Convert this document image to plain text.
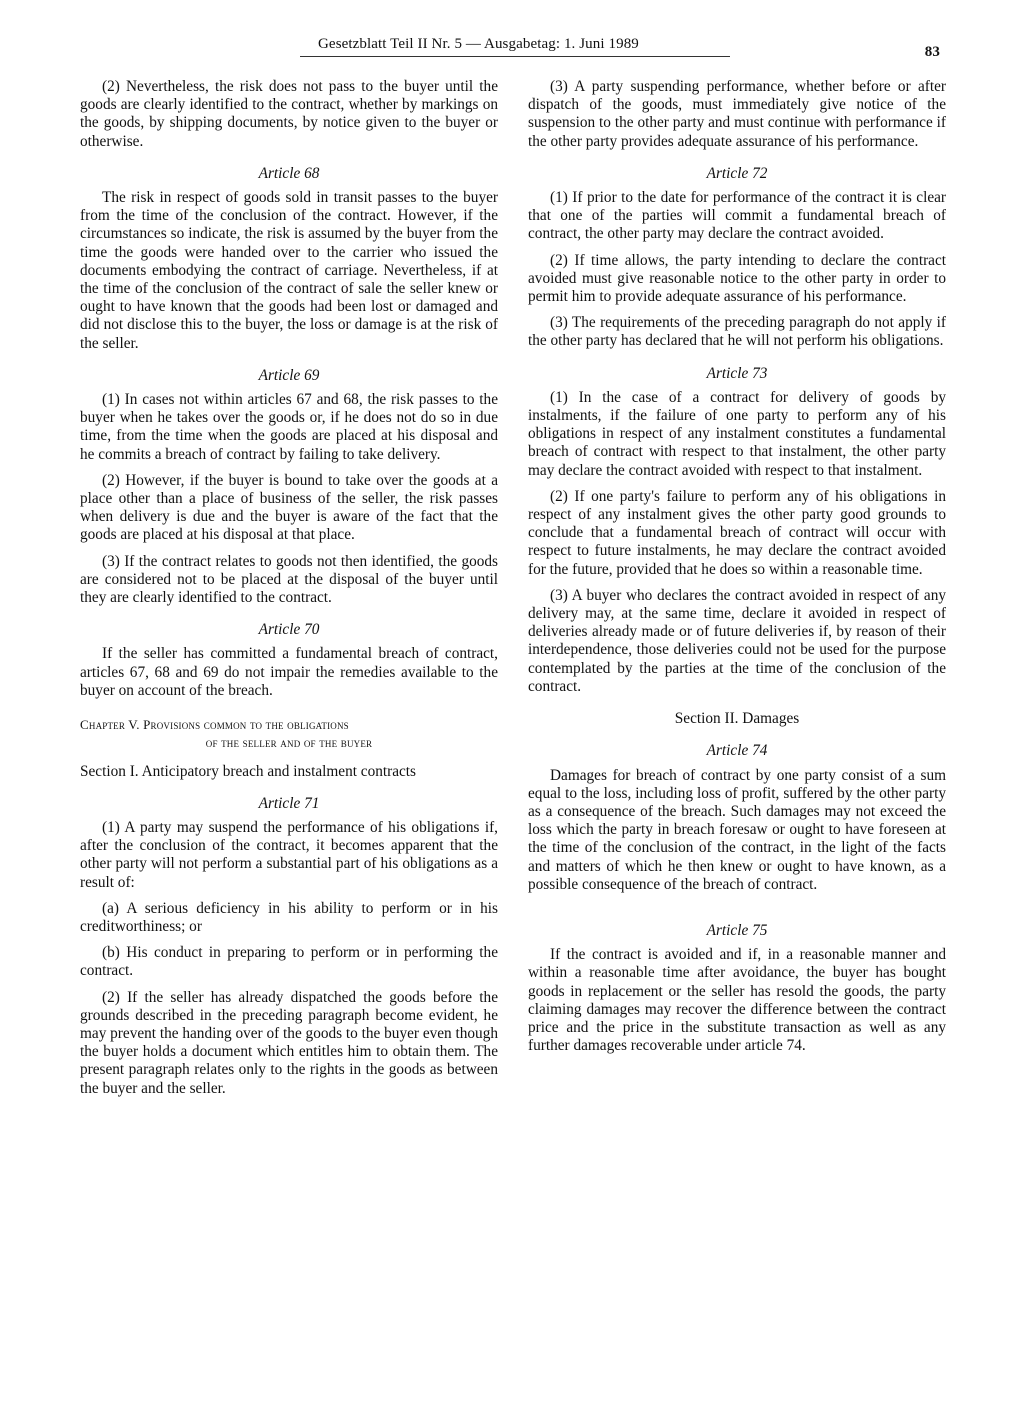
Gesetzblatt Teil II Nr. 5 — Ausgabetag: 1. Juni 1989	83

(2) Nevertheless, the risk does not pass to the buyer until the goods are clearly identified to the contract, whether by markings on the goods, by shipping documents, by notice given to the buyer or otherwise.

Article 68

The risk in respect of goods sold in transit passes to the buyer from the time of the conclusion of the contract. However, if the circumstances so indicate, the risk is assumed by the buyer from the time the goods were handed over to the carrier who issued the documents embodying the contract of carriage. Nevertheless, if at the time of the conclusion of the contract of sale the seller knew or ought to have known that the goods had been lost or damaged and did not disclose this to the buyer, the loss or damage is at the risk of the seller.

Article 69

(1) In cases not within articles 67 and 68, the risk passes to the buyer when he takes over the goods or, if he does not do so in due time, from the time when the goods are placed at his disposal and he commits a breach of contract by failing to take delivery.

(2) However, if the buyer is bound to take over the goods at a place other than a place of business of the seller, the risk passes when delivery is due and the buyer is aware of the fact that the goods are placed at his disposal at that place.

(3) If the contract relates to goods not then identified, the goods are considered not to be placed at the disposal of the buyer until they are clearly identified to the contract.

Article 70

If the seller has committed a fundamental breach of contract, articles 67, 68 and 69 do not impair the remedies available to the buyer on account of the breach.

Chapter V. Provisions common to the obligations
of the seller and of the buyer
Section I. Anticipatory breach and instalment contracts
Article 71

(1) A party may suspend the performance of his obligations if, after the conclusion of the contract, it becomes apparent that the other party will not perform a substantial part of his obligations as a result of:

(a) A serious deficiency in his ability to perform or in his creditworthiness; or

(b) His conduct in preparing to perform or in performing the contract.

(2) If the seller has already dispatched the goods before the grounds described in the preceding paragraph become evident, he may prevent the handing over of the goods to the buyer even though the buyer holds a document which entitles him to obtain them. The present paragraph relates only to the rights in the goods as between the buyer and the seller.

(3) A party suspending performance, whether before or after dispatch of the goods, must immediately give notice of the suspension to the other party and must continue with performance if the other party provides adequate assurance of his performance.

Article 72

(1) If prior to the date for performance of the contract it is clear that one of the parties will commit a fundamental breach of contract, the other party may declare the contract avoided.

(2) If time allows, the party intending to declare the contract avoided must give reasonable notice to the other party in order to permit him to provide adequate assurance of his performance.

(3) The requirements of the preceding paragraph do not apply if the other party has declared that he will not perform his obligations.

Article 73

(1) In the case of a contract for delivery of goods by instalments, if the failure of one party to perform any of his obligations in respect of any instalment constitutes a fundamental breach of contract with respect to that instalment, the other party may declare the contract avoided with respect to that instalment.

(2) If one party's failure to perform any of his obligations in respect of any instalment gives the other party good grounds to conclude that a fundamental breach of contract will occur with respect to future instalments, he may declare the contract avoided for the future, provided that he does so within a reasonable time.

(3) A buyer who declares the contract avoided in respect of any delivery may, at the same time, declare it avoided in respect of deliveries already made or of future deliveries if, by reason of their interdependence, those deliveries could not be used for the purpose contemplated by the parties at the time of the conclusion of the contract.

Section II. Damages
Article 74

Damages for breach of contract by one party consist of a sum equal to the loss, including loss of profit, suffered by the other party as a consequence of the breach. Such damages may not exceed the loss which the party in breach foresaw or ought to have foreseen at the time of the conclusion of the contract, in the light of the facts and matters of which he then knew or ought to have known, as a possible consequence of the breach of contract.

Article 75

If the contract is avoided and if, in a reasonable manner and within a reasonable time after avoidance, the buyer has bought goods in replacement or the seller has resold the goods, the party claiming damages may recover the difference between the contract price and the price in the substitute transaction as well as any further damages recoverable under article 74.
